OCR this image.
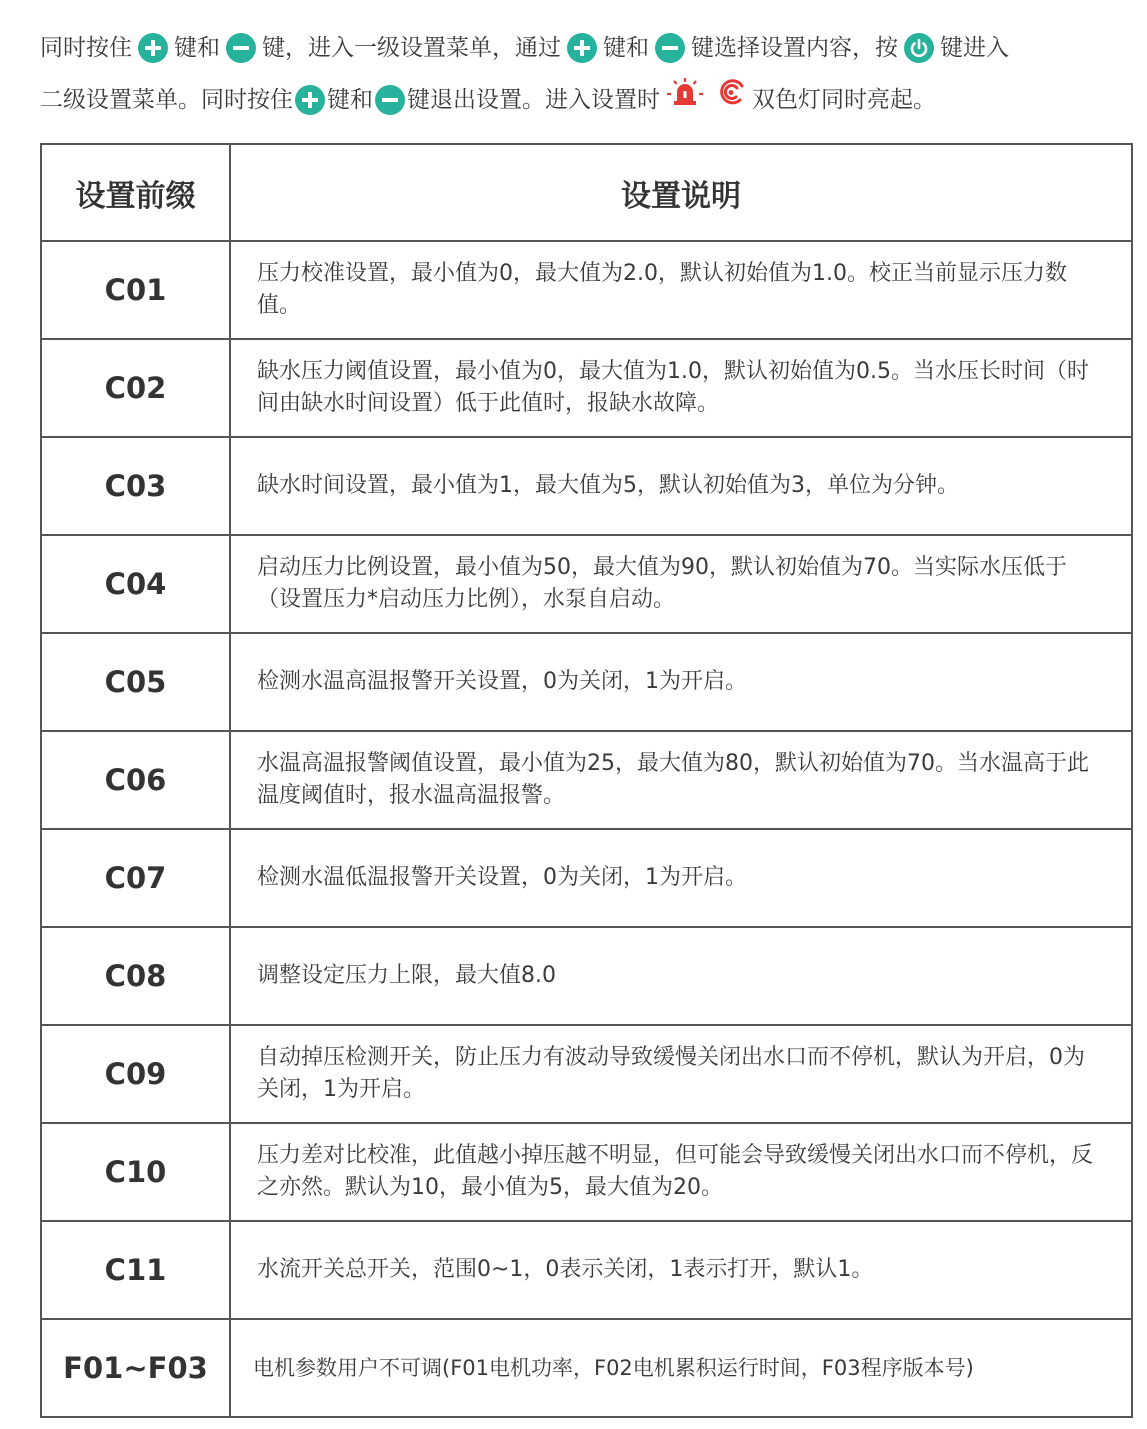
同时按住 键和 键，进入一级设置菜单，通过 键和 键选择设置内容，按 键进入
二级设置菜单。同时按住 键和 键退出设置。进入设置时	双色灯同时亮起。
设置前缀	设置说明
C01	压力校准设置，最小值为0，最大值为2.0，默认初始值为1.0。校正当前显示压力数值。
C02	缺水压力阈值设置，最小值为0，最大值为1.0，默认初始值为0.5。当水压长时间（时间由缺水时间设置）低于此值时，报缺水故障。
C03	缺水时间设置，最小值为1，最大值为5，默认初始值为3，单位为分钟。
C04	启动压力比例设置，最小值为50，最大值为90，默认初始值为70。当实际水压低于（设置压力*启动压力比例），水泵自启动。
C05	检测水温高温报警开关设置，0为关闭，1为开启。
C06	水温高温报警阈值设置，最小值为25，最大值为80，默认初始值为70。当水温高于此温度阈值时，报水温高温报警。
C07	检测水温低温报警开关设置，0为关闭，1为开启。
C08	调整设定压力上限，最大值8.0
C09	自动掉压检测开关，防止压力有波动导致缓慢关闭出水口而不停机，默认为开启，0为关闭，1为开启。
C10	压力差对比校准，此值越小掉压越不明显，但可能会导致缓慢关闭出水口而不停机，反之亦然。默认为10，最小值为5，最大值为20。
C11	水流开关总开关，范围0~1，0表示关闭，1表示打开，默认1。
F01~F03	电机参数用户不可调(F01电机功率，F02电机累积运行时间，F03程序版本号)
